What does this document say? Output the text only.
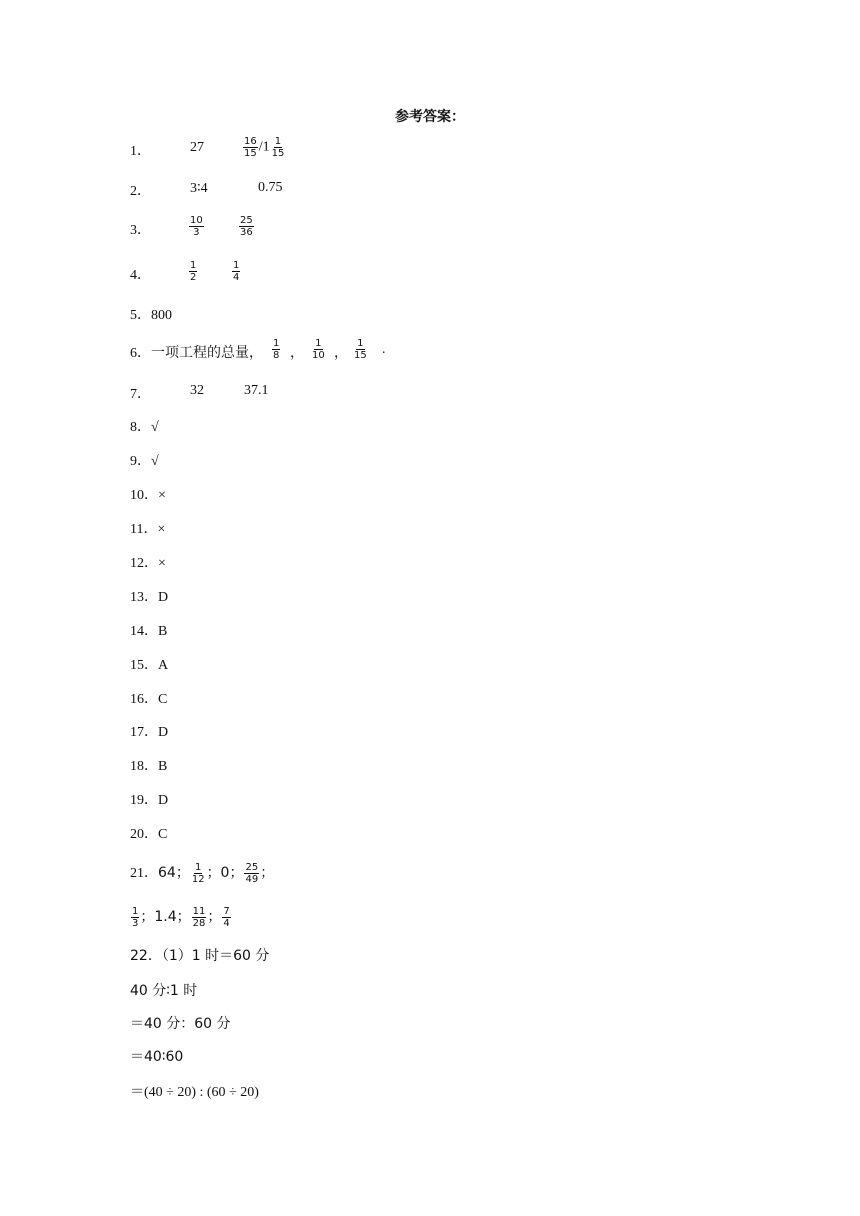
参考答案：
1．	27	$\frac{16}{15} /1 \frac{1}{15}$
2．	3∶4	0.75
3．	$\frac{10}{3}$	$\frac{25}{36}$
4．	$\frac{1}{2}$	$\frac{1}{4}$
5．800
6．一项工程的总量， $\frac{1}{8}$ ， $\frac{1}{10}$ ， $\frac{1}{15}$ .
7．	32	37.1
8．√
9．√
10．×
11．×
12．×
13．D
14．B
15．A
16．C
17．D
18．B
19．D
20．C
21．64； $\frac{1}{12}$ ；0； $\frac{25}{49}$ ；
$\frac{1}{3}$ ；1.4； $\frac{11}{28}$ ； $\frac{7}{4}$
22．（1）1 时＝60 分
40 分∶1 时
＝40 分：60 分
＝40∶60
＝(40 ÷ 20) : (60 ÷ 20)
